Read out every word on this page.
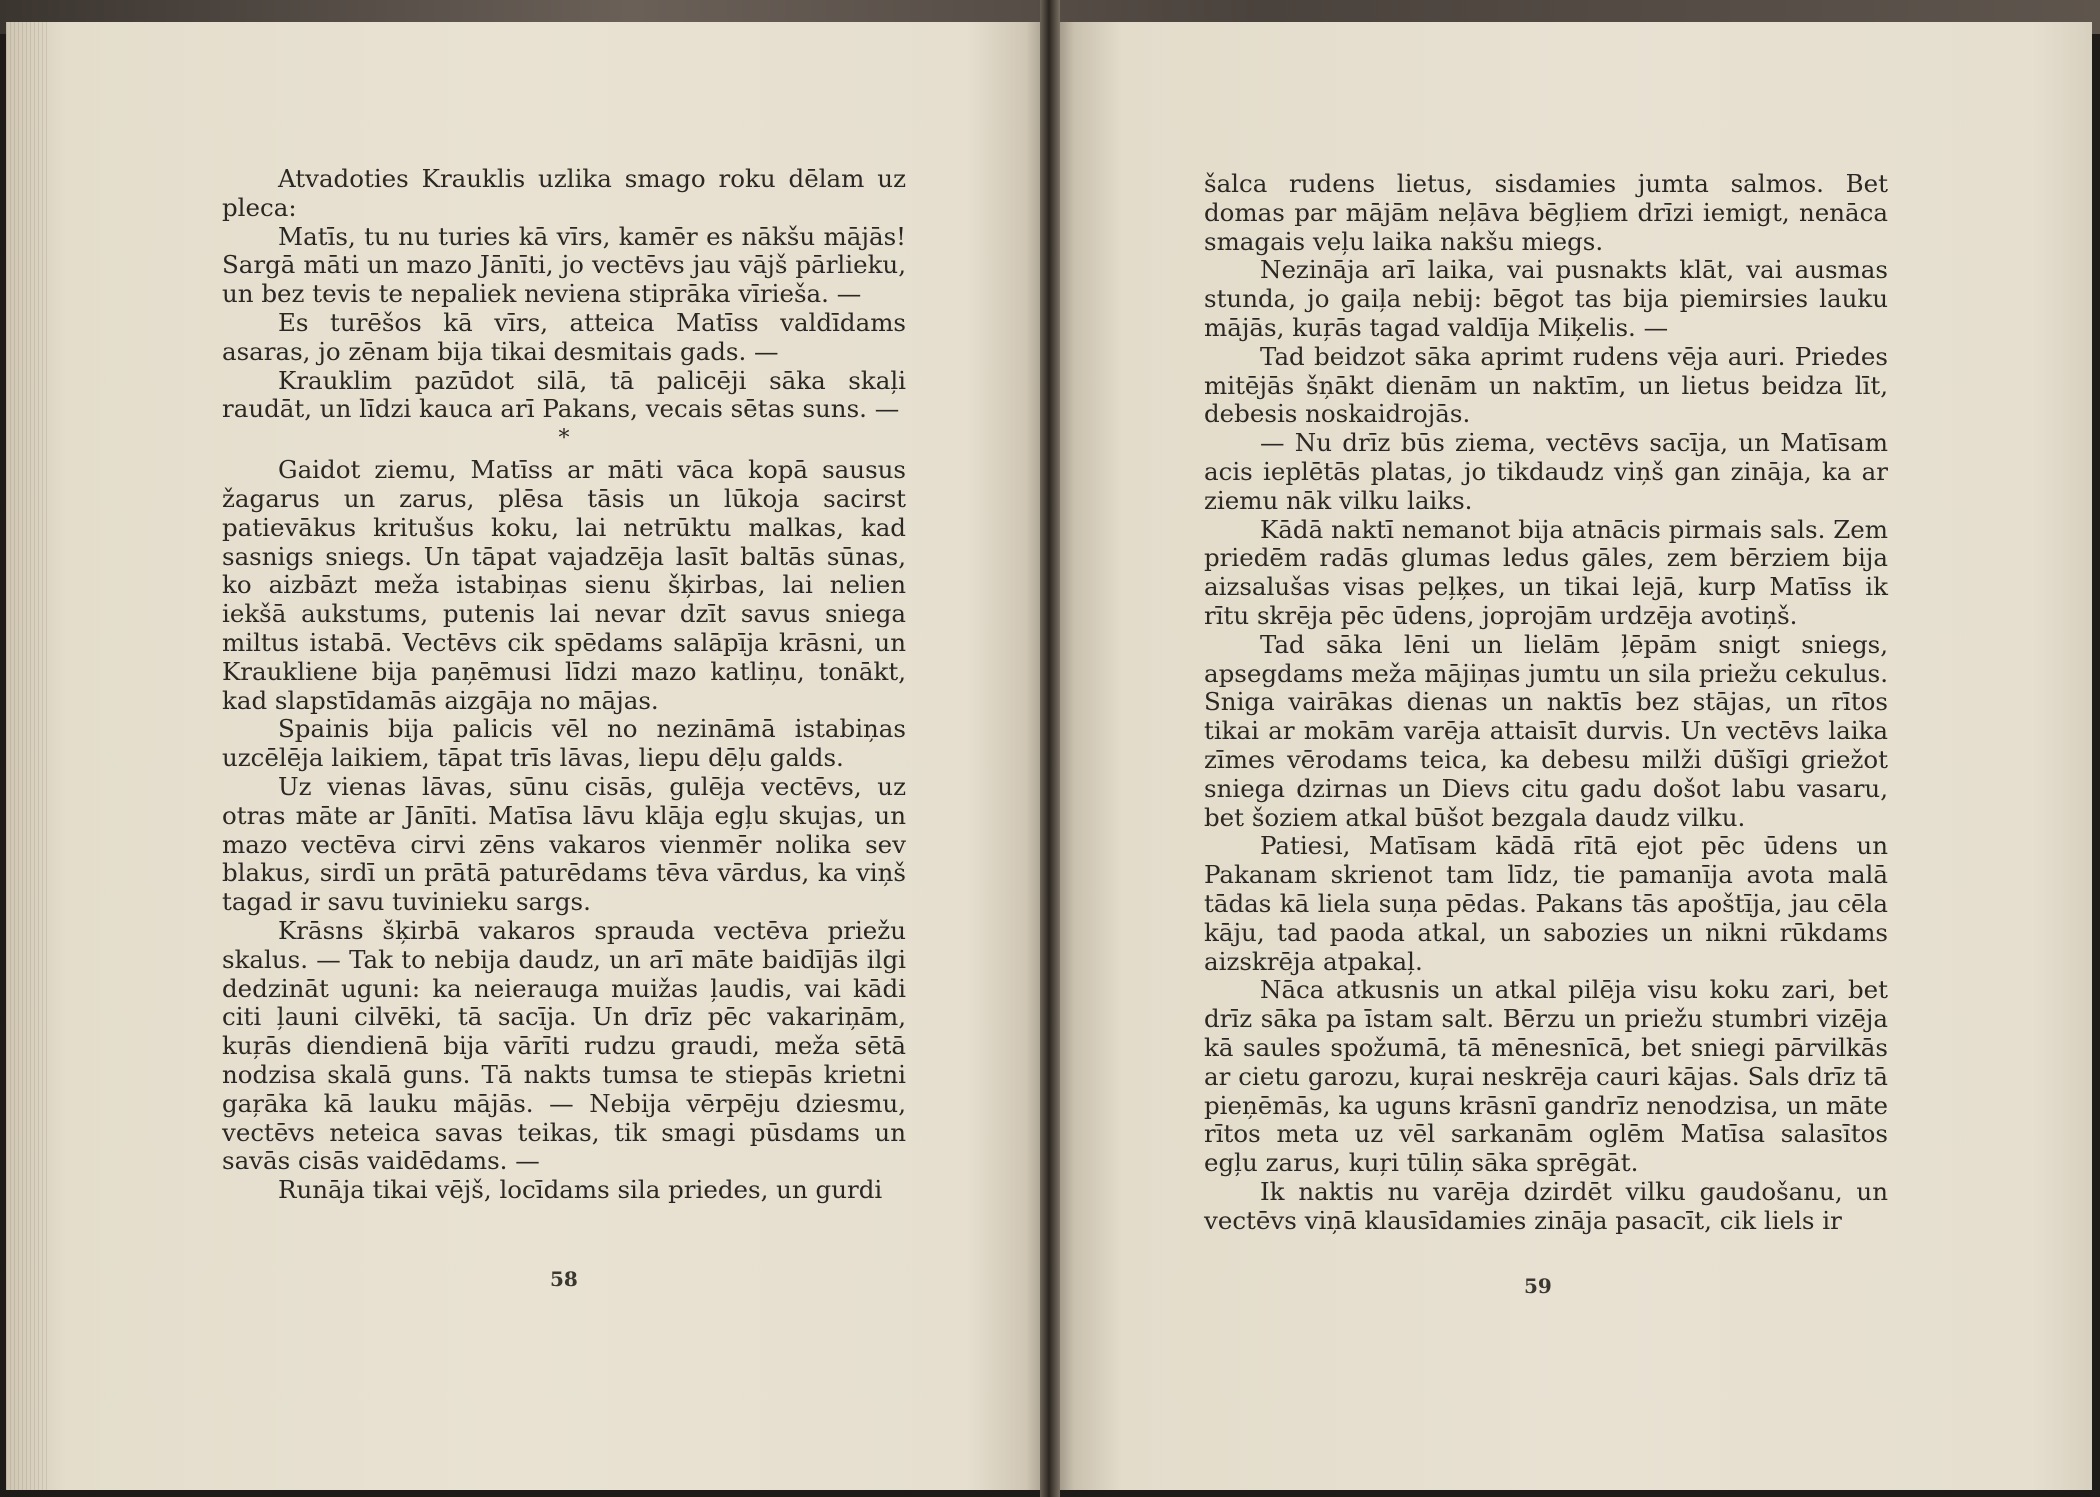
Atvadoties Krauklis uzlika smago roku dēlam uz pleca:

Matīs, tu nu turies kā vīrs, kamēr es nākšu mājās! Sargā māti un mazo Jānīti, jo vectēvs jau vājš pārlieku, un bez tevis te nepaliek neviena stiprāka vīrieša. —

Es turēšos kā vīrs, atteica Matīss valdīdams asaras, jo zēnam bija tikai desmitais gads. —

Krauklim pazūdot silā, tā palicēji sāka skaļi raudāt, un līdzi kauca arī Pakans, vecais sētas suns. —

*

Gaidot ziemu, Matīss ar māti vāca kopā sausus žagarus un zarus, plēsa tāsis un lūkoja sacirst patievākus kritušus koku, lai netrūktu malkas, kad sasnigs sniegs. Un tāpat vajadzēja lasīt baltās sūnas, ko aizbāzt meža istabiņas sienu šķirbas, lai nelien iekšā aukstums, putenis lai nevar dzīt savus sniega miltus istabā. Vectēvs cik spēdams salāpīja krāsni, un Kraukliene bija paņēmusi līdzi mazo katliņu, tonākt, kad slapstīdamās aizgāja no mājas.

Spainis bija palicis vēl no nezināmā istabiņas uzcēlēja laikiem, tāpat trīs lāvas, liepu dēļu galds.

Uz vienas lāvas, sūnu cisās, gulēja vectēvs, uz otras māte ar Jānīti. Matīsa lāvu klāja egļu skujas, un mazo vectēva cirvi zēns vakaros vienmēr nolika sev blakus, sirdī un prātā paturēdams tēva vārdus, ka viņš tagad ir savu tuvinieku sargs.

Krāsns šķirbā vakaros sprauda vectēva priežu skalus. — Tak to nebija daudz, un arī māte baidījās ilgi dedzināt uguni: ka neierauga muižas ļaudis, vai kādi citi ļauni cilvēki, tā sacīja. Un drīz pēc vakariņām, kuŗās diendienā bija vārīti rudzu graudi, meža sētā nodzisa skalā guns. Tā nakts tumsa te stiepās krietni gaŗāka kā lauku mājās. — Nebija vērpēju dziesmu, vectēvs neteica savas teikas, tik smagi pūsdams un savās cisās vaidēdams. —

Runāja tikai vējš, locīdams sila priedes, un gurdi

58

šalca rudens lietus, sisdamies jumta salmos. Bet domas par mājām neļāva bēgļiem drīzi iemigt, nenāca smagais veļu laika nakšu miegs.

Nezināja arī laika, vai pusnakts klāt, vai ausmas stunda, jo gaiļa nebij: bēgot tas bija piemirsies lauku mājās, kuŗās tagad valdīja Miķelis. —

Tad beidzot sāka aprimt rudens vēja auri. Priedes mitējās šņākt dienām un naktīm, un lietus beidza līt, debesis noskaidrojās.

— Nu drīz būs ziema, vectēvs sacīja, un Matīsam acis ieplētās platas, jo tikdaudz viņš gan zināja, ka ar ziemu nāk vilku laiks.

Kādā naktī nemanot bija atnācis pirmais sals. Zem priedēm radās glumas ledus gāles, zem bērziem bija aizsalušas visas peļķes, un tikai lejā, kurp Matīss ik rītu skrēja pēc ūdens, joprojām urdzēja avotiņš.

Tad sāka lēni un lielām ļēpām snigt sniegs, apsegdams meža mājiņas jumtu un sila priežu cekulus. Sniga vairākas dienas un naktīs bez stājas, un rītos tikai ar mokām varēja attaisīt durvis. Un vectēvs laika zīmes vērodams teica, ka debesu milži dūšīgi griežot sniega dzirnas un Dievs citu gadu došot labu vasaru, bet šoziem atkal būšot bezgala daudz vilku.

Patiesi, Matīsam kādā rītā ejot pēc ūdens un Pakanam skrienot tam līdz, tie pamanīja avota malā tādas kā liela suņa pēdas. Pakans tās apoštīja, jau cēla kāju, tad paoda atkal, un sabozies un nikni rūkdams aizskrēja atpakaļ.

Nāca atkusnis un atkal pilēja visu koku zari, bet drīz sāka pa īstam salt. Bērzu un priežu stumbri vizēja kā saules spožumā, tā mēnesnīcā, bet sniegi pārvilkās ar cietu garozu, kuŗai neskrēja cauri kājas. Sals drīz tā pieņēmās, ka uguns krāsnī gandrīz nenodzisa, un māte rītos meta uz vēl sarkanām oglēm Matīsa salasītos egļu zarus, kuŗi tūliņ sāka sprēgāt.

Ik naktis nu varēja dzirdēt vilku gaudošanu, un vectēvs viņā klausīdamies zināja pasacīt, cik liels ir

59
